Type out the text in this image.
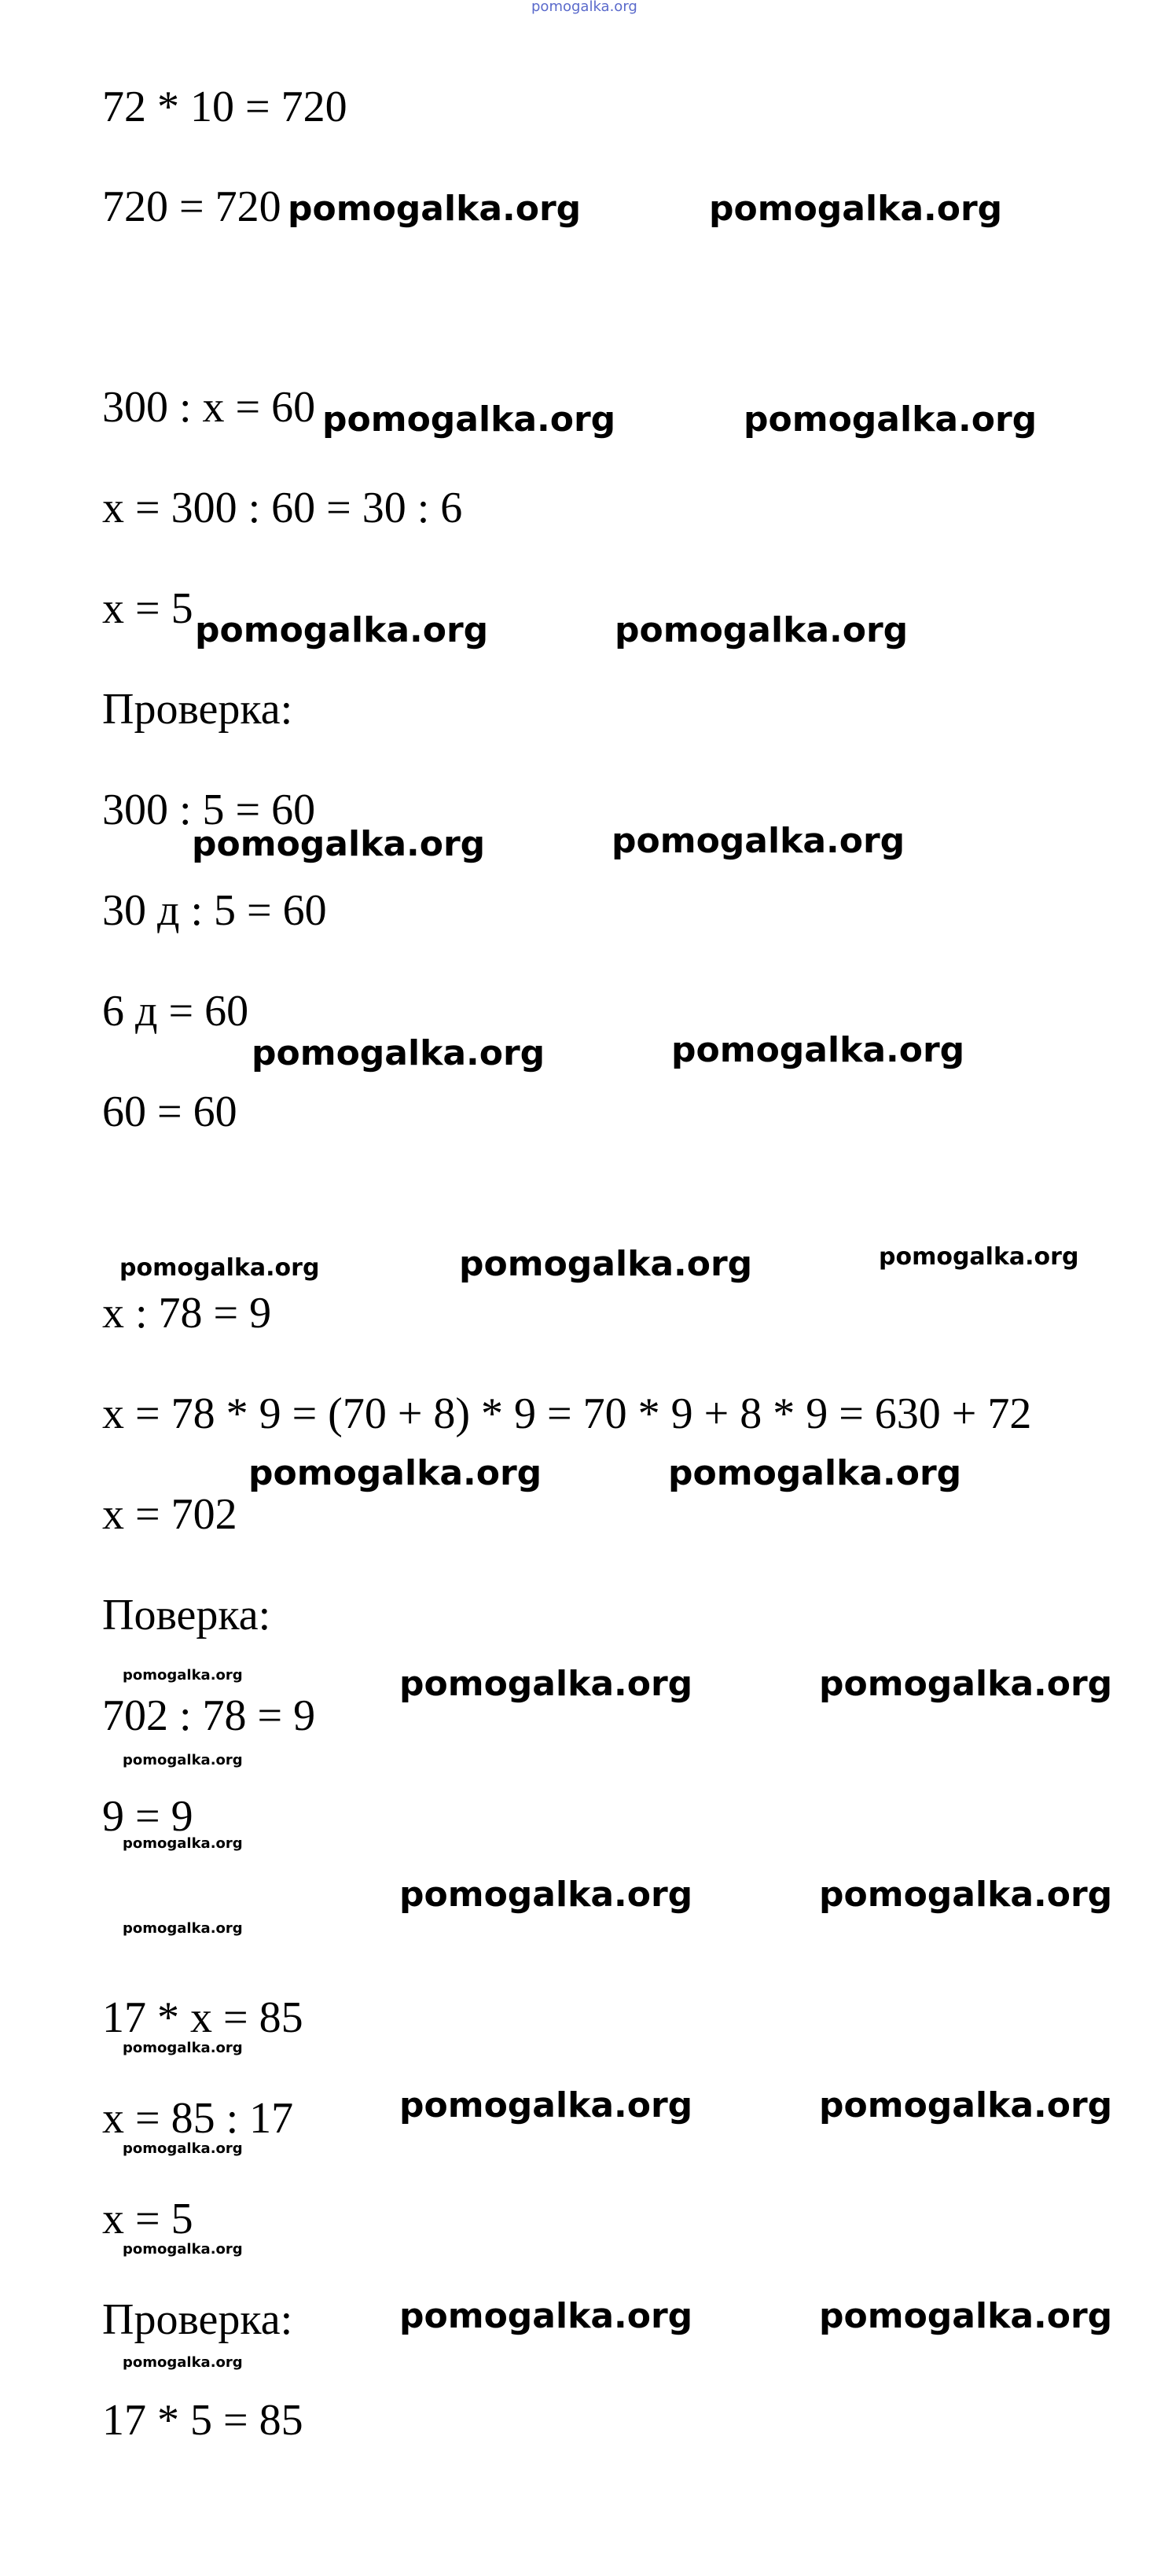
pomogalka.org
72 * 10 = 720
720 = 720
300 : x = 60
x = 300 : 60 = 30 : 6
x = 5
Проверка:
300 : 5 = 60
30 д : 5 = 60
6 д = 60
60 = 60
x : 78 = 9
x = 78 * 9 = (70 + 8) * 9 = 70 * 9 + 8 * 9 = 630 + 72
x = 702
Поверка:
702 : 78 = 9
9 = 9
17 * x = 85
x = 85 : 17
x = 5
Проверка:
17 * 5 = 85
pomogalka.org	pomogalka.org
pomogalka.org	pomogalka.org
pomogalka.org	pomogalka.org
pomogalka.org	pomogalka.org
pomogalka.org	pomogalka.org
pomogalka.org	pomogalka.org	pomogalka.org
pomogalka.org	pomogalka.org
pomogalka.org	pomogalka.org	pomogalka.org
pomogalka.org
pomogalka.org
pomogalka.org
pomogalka.org	pomogalka.org
pomogalka.org
pomogalka.org	pomogalka.org
pomogalka.org
pomogalka.org
pomogalka.org	pomogalka.org
pomogalka.org
